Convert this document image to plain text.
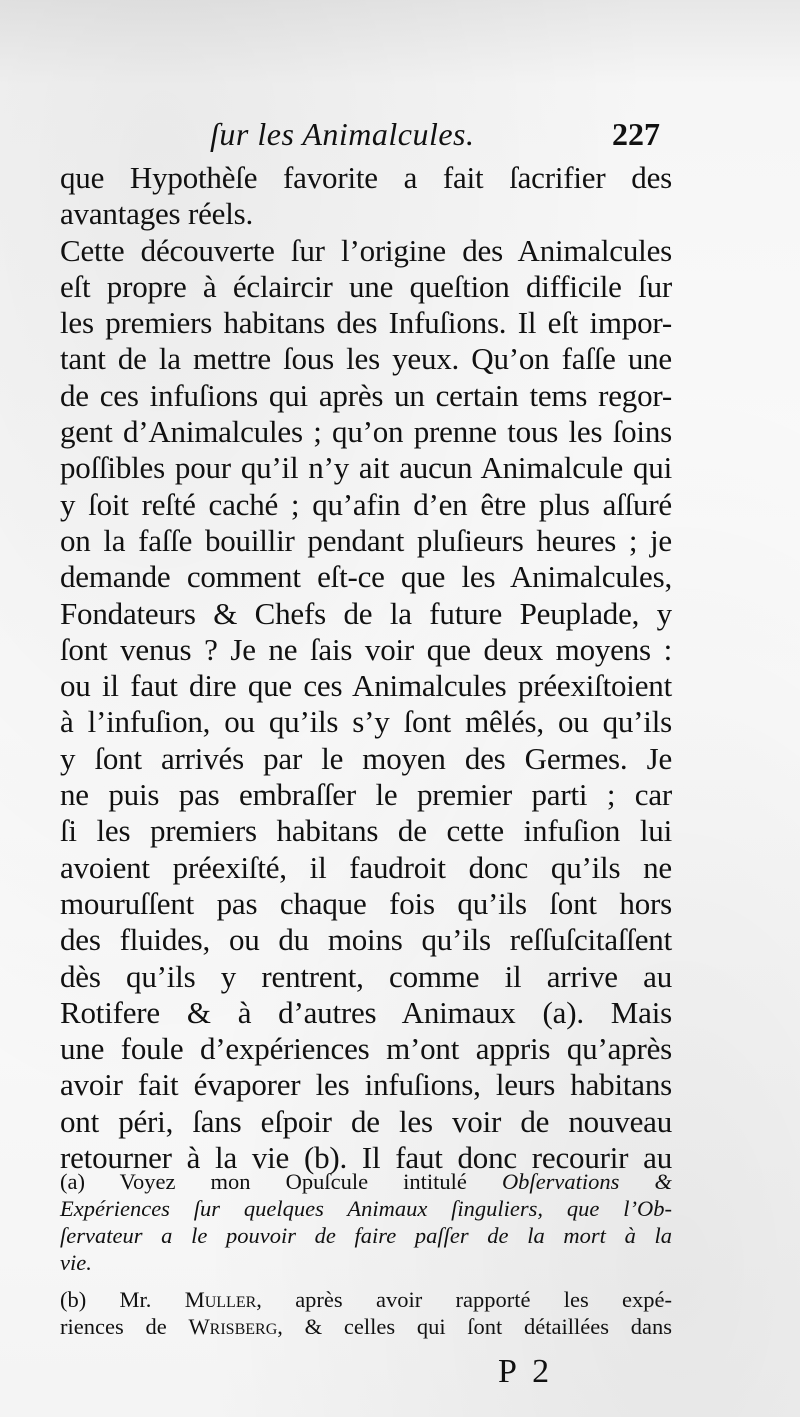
ſur les Animalcules.	227
que Hypothèſe favorite a fait ſacrifier des
avantages réels.
Cette découverte ſur l’origine des Animalcules
eſt propre à éclaircir une queſtion difficile ſur
les premiers habitans des Infuſions. Il eſt impor-
tant de la mettre ſous les yeux. Qu’on faſſe une
de ces infuſions qui après un certain tems regor-
gent d’Animalcules ; qu’on prenne tous les ſoins
poſſibles pour qu’il n’y ait aucun Animalcule qui
y ſoit reſté caché ; qu’afin d’en être plus aſſuré
on la faſſe bouillir pendant pluſieurs heures ; je
demande comment eſt-ce que les Animalcules,
Fondateurs & Chefs de la future Peuplade, y
ſont venus ? Je ne ſais voir que deux moyens :
ou il faut dire que ces Animalcules préexiſtoient
à l’infuſion, ou qu’ils s’y ſont mêlés, ou qu’ils
y ſont arrivés par le moyen des Germes. Je
ne puis pas embraſſer le premier parti ; car
ſi les premiers habitans de cette infuſion lui
avoient préexiſté, il faudroit donc qu’ils ne
mouruſſent pas chaque fois qu’ils ſont hors
des fluides, ou du moins qu’ils reſſuſcitaſſent
dès qu’ils y rentrent, comme il arrive au
Rotifere & à d’autres Animaux (a). Mais
une foule d’expériences m’ont appris qu’après
avoir fait évaporer les infuſions, leurs habitans
ont péri, ſans eſpoir de les voir de nouveau
retourner à la vie (b). Il faut donc recourir au
(a) Voyez mon Opuſcule intitulé Obſervations &
Expériences ſur quelques Animaux ſinguliers, que l’Ob-
ſervateur a le pouvoir de faire paſſer de la mort à la
vie.
(b) Mr. Muller, après avoir rapporté les expé-
riences de Wrisberg, & celles qui ſont détaillées dans
P 2
